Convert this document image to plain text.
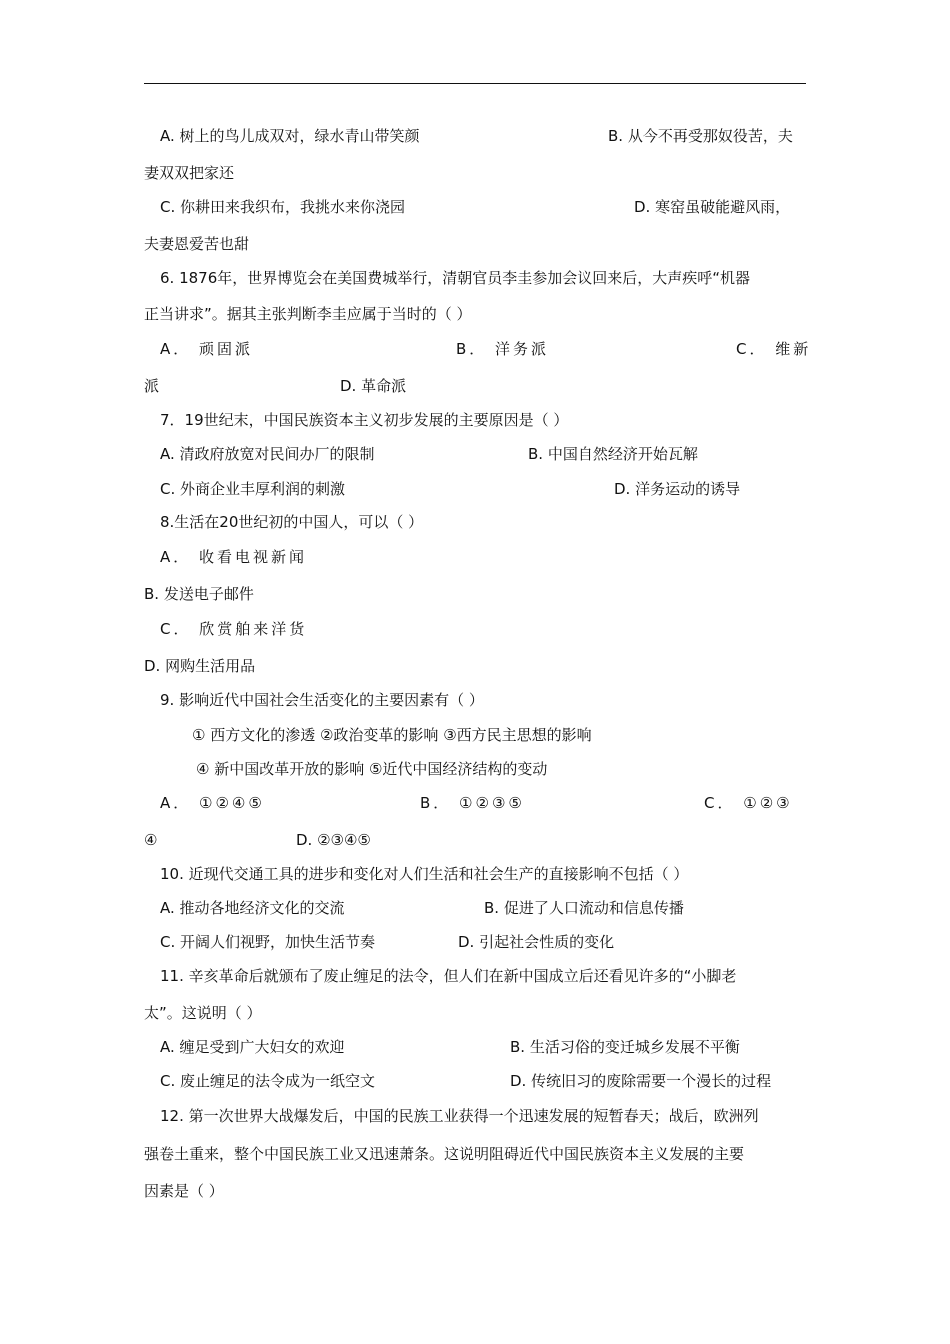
A. 树上的鸟儿成双对，绿水青山带笑颜	B. 从今不再受那奴役苦，夫
妻双双把家还
C. 你耕田来我织布，我挑水来你浇园	D. 寒窑虽破能避风雨，
夫妻恩爱苦也甜
6. 1876年，世界博览会在美国费城举行，清朝官员李圭参加会议回来后，大声疾呼“机器
正当讲求”。据其主张判断李圭应属于当时的（ ）
A． 顽固派	B． 洋务派	C． 维新
派	D. 革命派
7．19世纪末，中国民族资本主义初步发展的主要原因是（ ）
A. 清政府放宽对民间办厂的限制	B. 中国自然经济开始瓦解
C. 外商企业丰厚利润的刺激	D. 洋务运动的诱导
8.生活在20世纪初的中国人，可以（ ）
A． 收看电视新闻
B. 发送电子邮件
C． 欣赏舶来洋货
D. 网购生活用品
9. 影响近代中国社会生活变化的主要因素有（ ）
① 西方文化的渗透 ②政治变革的影响 ③西方民主思想的影响
④ 新中国改革开放的影响 ⑤近代中国经济结构的变动
A． ①②④⑤	B． ①②③⑤	C． ①②③
④	D. ②③④⑤
10. 近现代交通工具的进步和变化对人们生活和社会生产的直接影响不包括（ ）
A. 推动各地经济文化的交流	B. 促进了人口流动和信息传播
C. 开阔人们视野，加快生活节奏	D. 引起社会性质的变化
11. 辛亥革命后就颁布了废止缠足的法令，但人们在新中国成立后还看见许多的“小脚老
太”。这说明（ ）
A. 缠足受到广大妇女的欢迎	B. 生活习俗的变迁城乡发展不平衡
C. 废止缠足的法令成为一纸空文	D. 传统旧习的废除需要一个漫长的过程
12. 第一次世界大战爆发后，中国的民族工业获得一个迅速发展的短暂春天；战后，欧洲列
强卷土重来，整个中国民族工业又迅速萧条。这说明阻碍近代中国民族资本主义发展的主要
因素是（ ）
